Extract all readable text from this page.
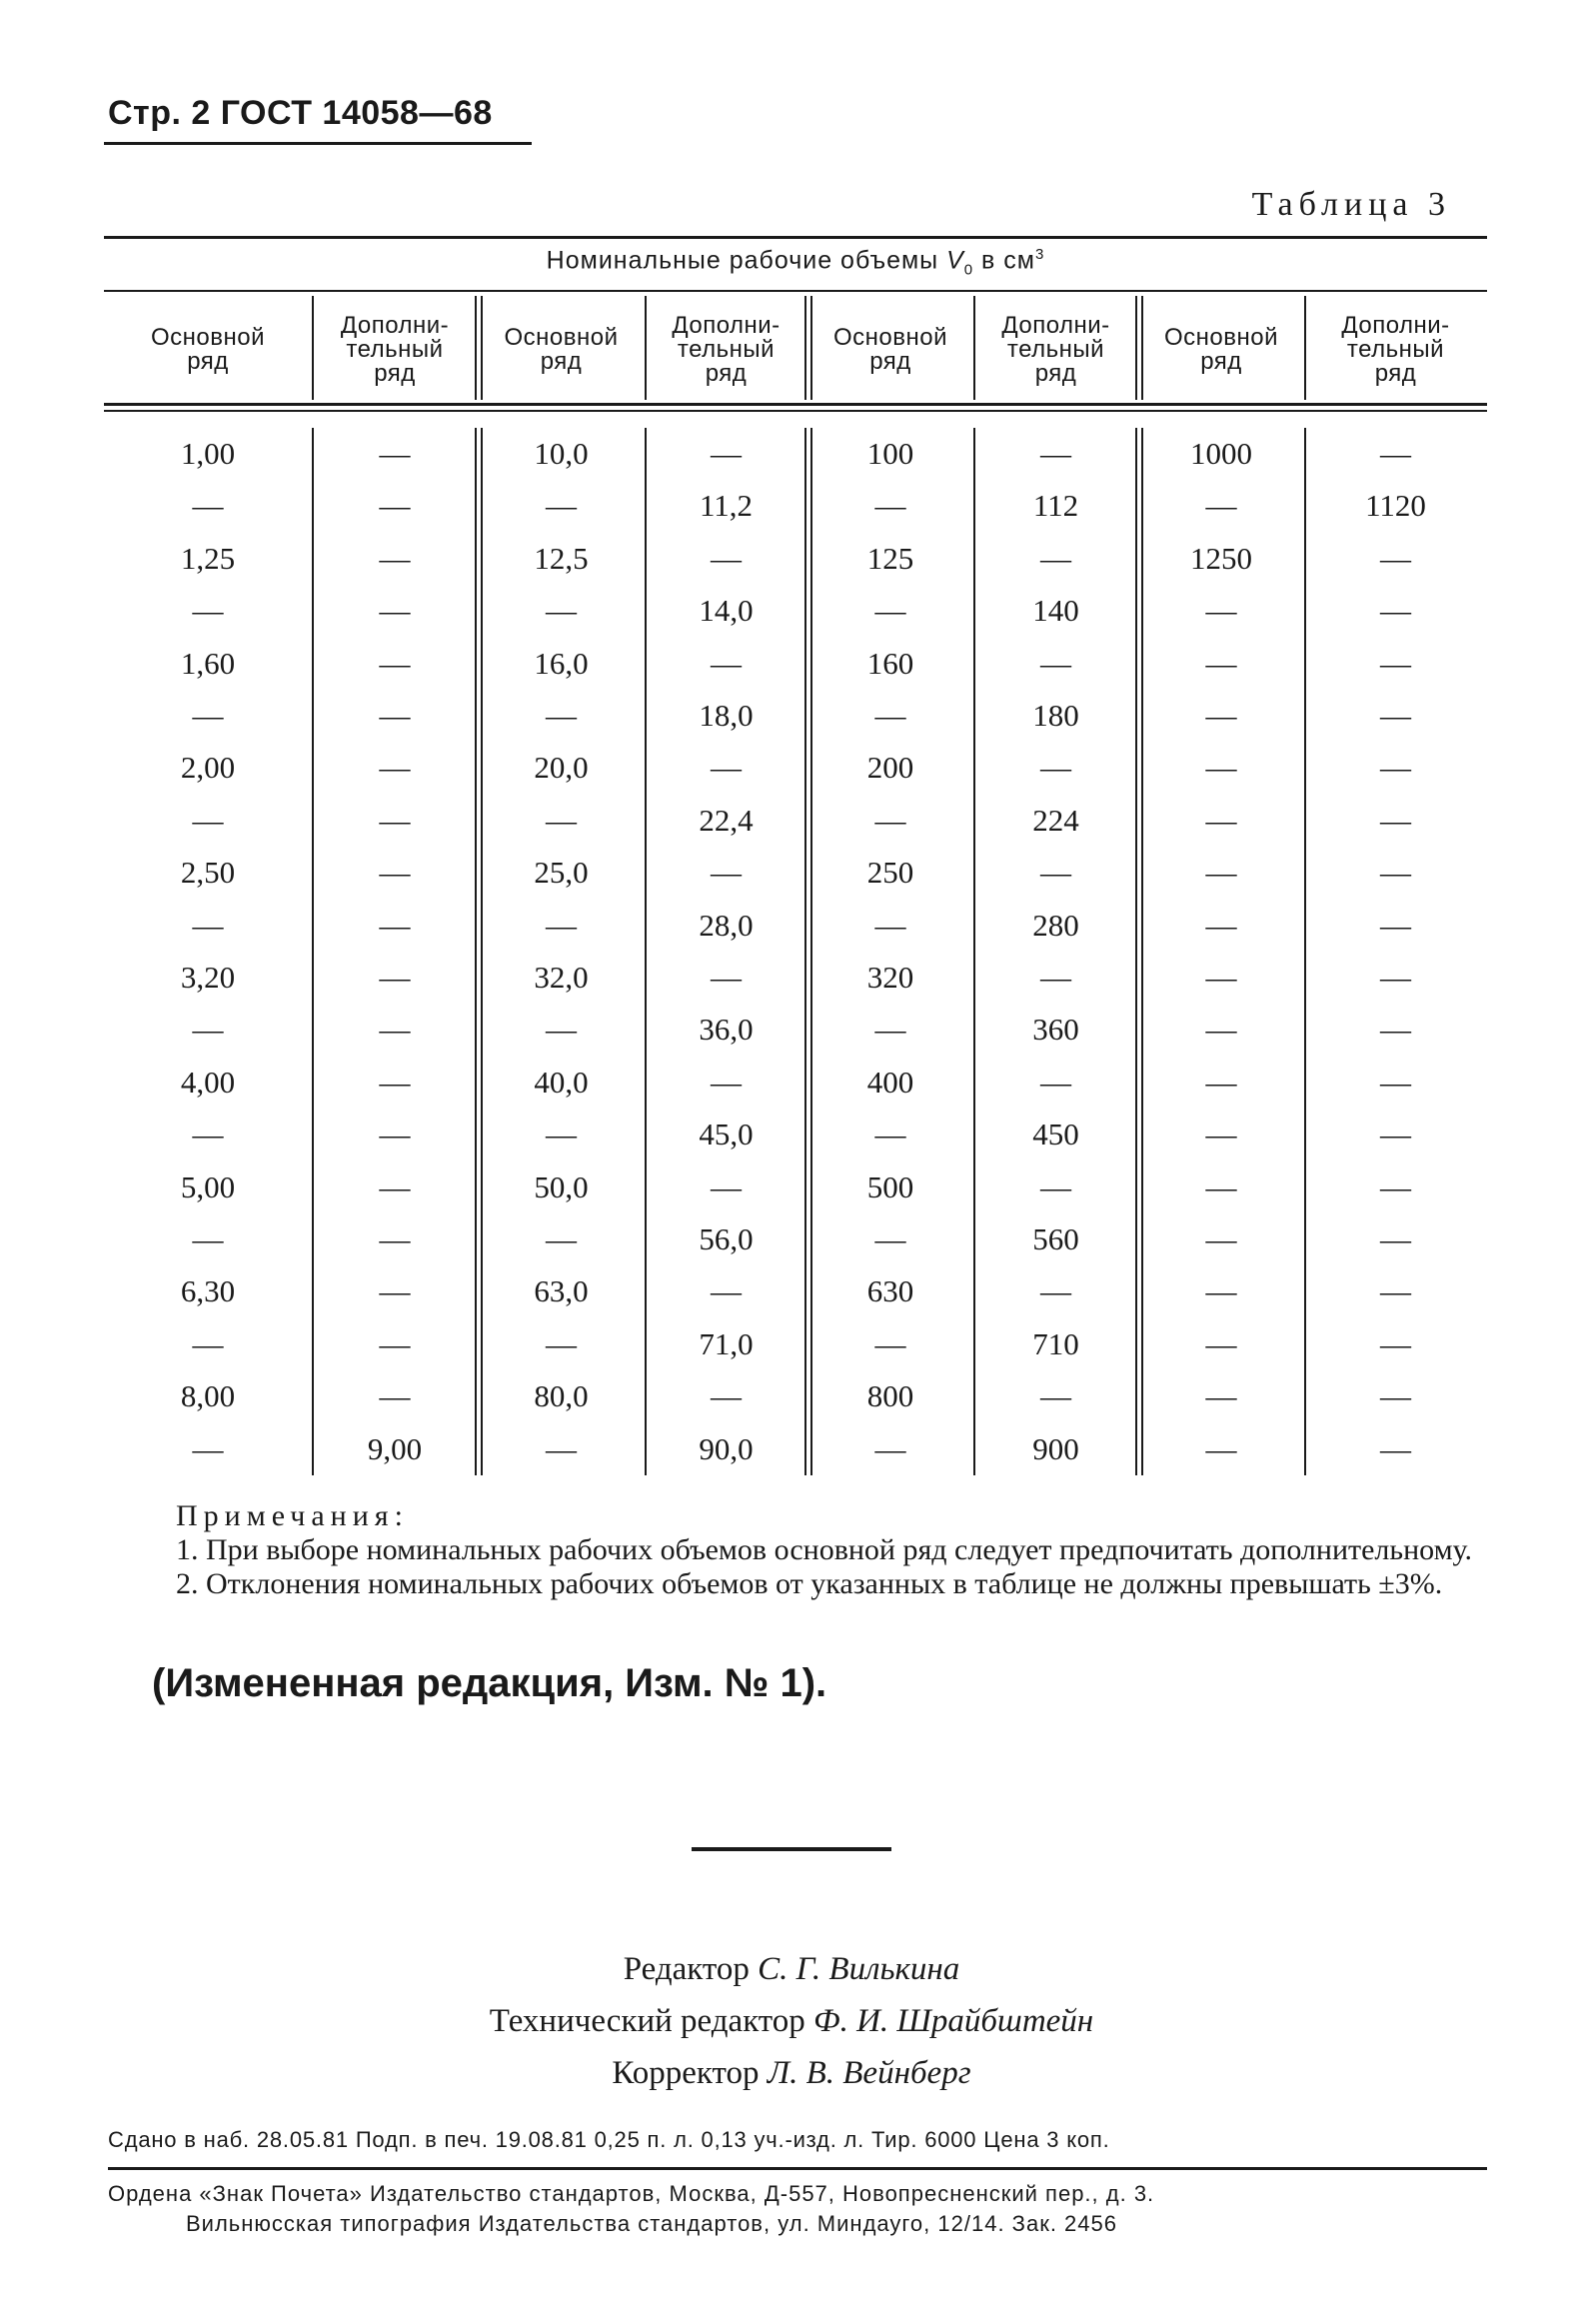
Стр. 2 ГОСТ 14058—68
Таблица 3
Номинальные рабочие объемы $V_0$ в $см^3$
Основной
ряд
Дополни-
тельный
ряд
Основной
ряд
Дополни-
тельный
ряд
Основной
ряд
Дополни-
тельный
ряд
Основной
ряд
Дополни-
тельный
ряд
1,00	—	10,0	—	100	—	1000	—
—	—	—	11,2	—	112	—	1120
1,25	—	12,5	—	125	—	1250	—
—	—	—	14,0	—	140	—	—
1,60	—	16,0	—	160	—	—	—
—	—	—	18,0	—	180	—	—
2,00	—	20,0	—	200	—	—	—
—	—	—	22,4	—	224	—	—
2,50	—	25,0	—	250	—	—	—
—	—	—	28,0	—	280	—	—
3,20	—	32,0	—	320	—	—	—
—	—	—	36,0	—	360	—	—
4,00	—	40,0	—	400	—	—	—
—	—	—	45,0	—	450	—	—
5,00	—	50,0	—	500	—	—	—
—	—	—	56,0	—	560	—	—
6,30	—	63,0	—	630	—	—	—
—	—	—	71,0	—	710	—	—
8,00	—	80,0	—	800	—	—	—
—	9,00	—	90,0	—	900	—	—
Примечания:
1. При выборе номинальных рабочих объемов основной ряд следует предпочитать дополнительному.
2. Отклонения номинальных рабочих объемов от указанных в таблице не должны превышать ±3%.
(Измененная редакция, Изм. № 1).
Редактор С. Г. Вилькина
Технический редактор Ф. И. Шрайбштейн
Корректор Л. В. Вейнберг
Сдано в наб. 28.05.81 Подп. в печ. 19.08.81 0,25 п. л. 0,13 уч.-изд. л. Тир. 6000 Цена 3 коп.
Ордена «Знак Почета» Издательство стандартов, Москва, Д-557, Новопресненский пер., д. 3.
Вильнюсская типография Издательства стандартов, ул. Миндауго, 12/14. Зак. 2456
